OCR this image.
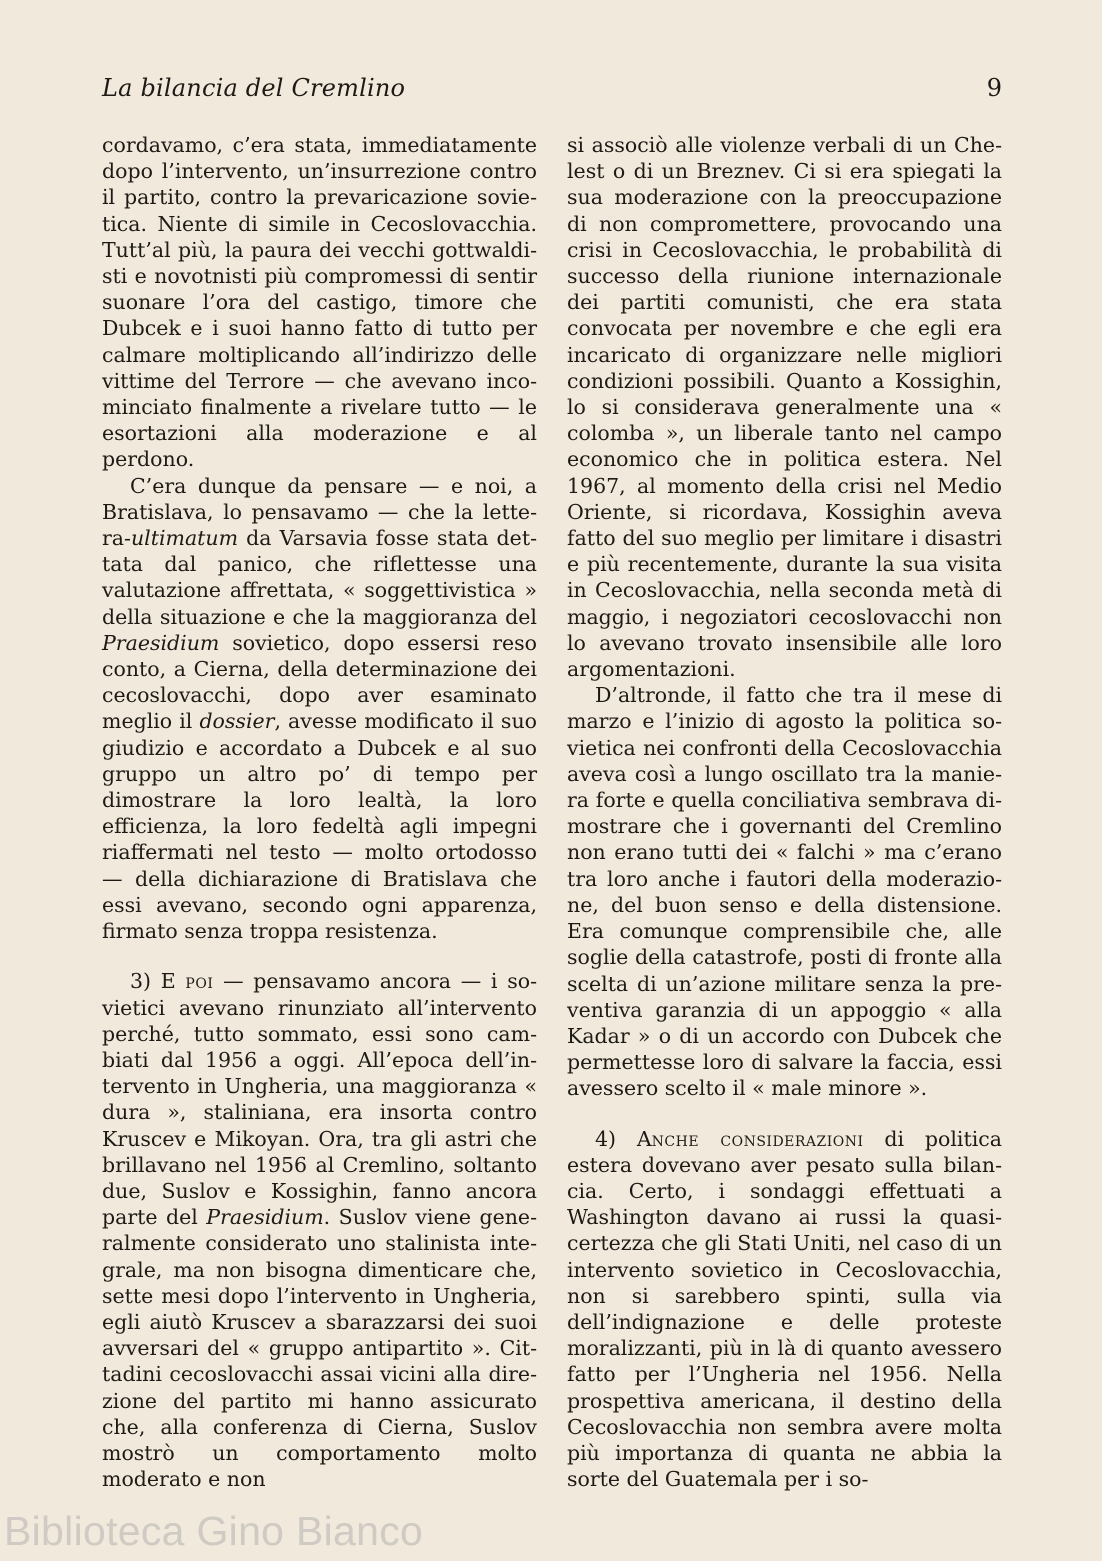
La bilancia del Cremlino	9

cordavamo, c’era stata, immediatamente dopo l’intervento, un’insurrezione contro il partito, contro la prevaricazione sovietica. Niente di simile in Cecoslovacchia. Tutt’al più, la paura dei vecchi gottwaldisti e novotnisti più compromessi di sentir suonare l’ora del castigo, timore che Dubcek e i suoi hanno fatto di tutto per calmare moltiplicando all’indirizzo delle vittime del Terrore — che avevano incominciato finalmente a rivelare tutto — le esortazioni alla moderazione e al perdono.

C’era dunque da pensare — e noi, a Bratislava, lo pensavamo — che la lettera-ultimatum da Varsavia fosse stata dettata dal panico, che riflettesse una valutazione affrettata, « soggettivistica » della situazione e che la maggioranza del Praesidium sovietico, dopo essersi reso conto, a Cierna, della determinazione dei cecoslovacchi, dopo aver esaminato meglio il dossier, avesse modificato il suo giudizio e accordato a Dubcek e al suo gruppo un altro po’ di tempo per dimostrare la loro lealtà, la loro efficienza, la loro fedeltà agli impegni riaffermati nel testo — molto ortodosso — della dichiarazione di Bratislava che essi avevano, secondo ogni apparenza, firmato senza troppa resistenza.

3) E poi — pensavamo ancora — i sovietici avevano rinunziato all’intervento perché, tutto sommato, essi sono cambiati dal 1956 a oggi. All’epoca dell’intervento in Ungheria, una maggioranza « dura », staliniana, era insorta contro Kruscev e Mikoyan. Ora, tra gli astri che brillavano nel 1956 al Cremlino, soltanto due, Suslov e Kossighin, fanno ancora parte del Praesidium. Suslov viene generalmente considerato uno stalinista integrale, ma non bisogna dimenticare che, sette mesi dopo l’intervento in Ungheria, egli aiutò Kruscev a sbarazzarsi dei suoi avversari del « gruppo antipartito ». Cittadini cecoslovacchi assai vicini alla direzione del partito mi hanno assicurato che, alla conferenza di Cierna, Suslov mostrò un comportamento molto moderato e non

si associò alle violenze verbali di un Chelest o di un Breznev. Ci si era spiegati la sua moderazione con la preoccupazione di non compromettere, provocando una crisi in Cecoslovacchia, le probabilità di successo della riunione internazionale dei partiti comunisti, che era stata convocata per novembre e che egli era incaricato di organizzare nelle migliori condizioni possibili. Quanto a Kossighin, lo si considerava generalmente una « colomba », un liberale tanto nel campo economico che in politica estera. Nel 1967, al momento della crisi nel Medio Oriente, si ricordava, Kossighin aveva fatto del suo meglio per limitare i disastri e più recentemente, durante la sua visita in Cecoslovacchia, nella seconda metà di maggio, i negoziatori cecoslovacchi non lo avevano trovato insensibile alle loro argomentazioni.

D’altronde, il fatto che tra il mese di marzo e l’inizio di agosto la politica sovietica nei confronti della Cecoslovacchia aveva così a lungo oscillato tra la maniera forte e quella conciliativa sembrava dimostrare che i governanti del Cremlino non erano tutti dei « falchi » ma c’erano tra loro anche i fautori della moderazione, del buon senso e della distensione. Era comunque comprensibile che, alle soglie della catastrofe, posti di fronte alla scelta di un’azione militare senza la preventiva garanzia di un appoggio « alla Kadar » o di un accordo con Dubcek che permettesse loro di salvare la faccia, essi avessero scelto il « male minore ».

4) Anche considerazioni di politica estera dovevano aver pesato sulla bilancia. Certo, i sondaggi effettuati a Washington davano ai russi la quasi-certezza che gli Stati Uniti, nel caso di un intervento sovietico in Cecoslovacchia, non si sarebbero spinti, sulla via dell’indignazione e delle proteste moralizzanti, più in là di quanto avessero fatto per l’Ungheria nel 1956. Nella prospettiva americana, il destino della Cecoslovacchia non sembra avere molta più importanza di quanta ne abbia la sorte del Guatemala per i so-

Biblioteca Gino Bianco
